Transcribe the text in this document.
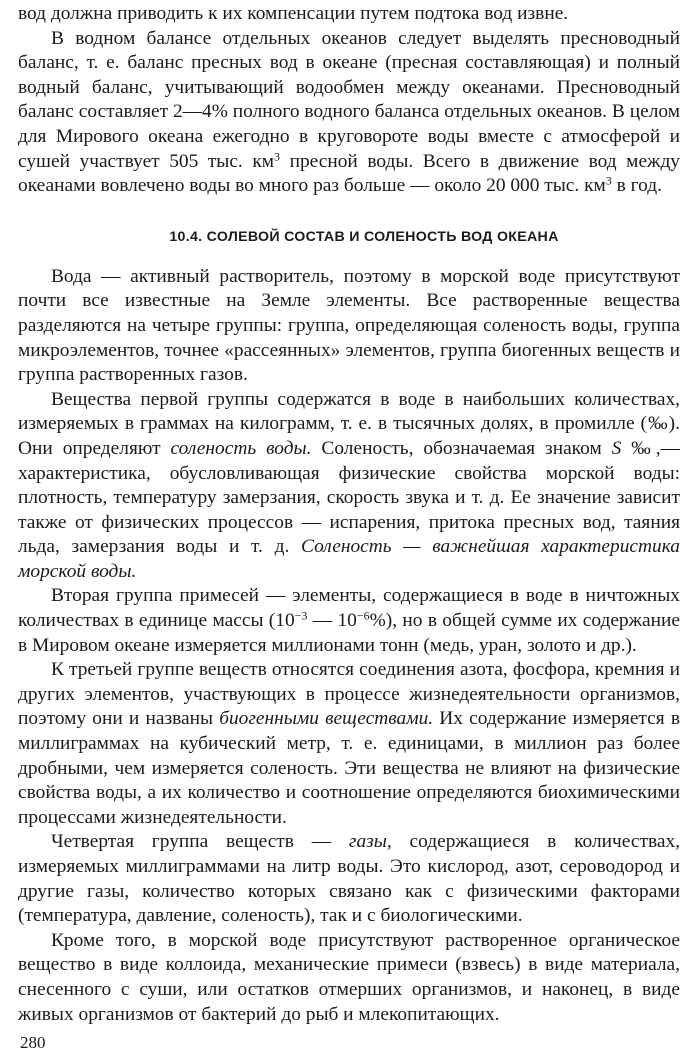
вод должна приводить к их компенсации путем подтока вод извне.

В водном балансе отдельных океанов следует выделять пресноводный баланс, т. е. баланс пресных вод в океане (пресная составляющая) и полный водный баланс, учитывающий водообмен между океанами. Пресноводный баланс составляет 2—4% полного водного баланса отдельных океанов. В целом для Мирового океана ежегодно в круговороте воды вместе с атмосферой и сушей участвует 505 тыс. $км^3$ пресной воды. Всего в движение вод между океанами вовлечено воды во много раз больше — около 20 000 тыс. $км^3$ в год.

10.4. СОЛЕВОЙ СОСТАВ И СОЛЕНОСТЬ ВОД ОКЕАНА

Вода — активный растворитель, поэтому в морской воде присутствуют почти все известные на Земле элементы. Все растворенные вещества разделяются на четыре группы: группа, определяющая соленость воды, группа микроэлементов, точнее «рассеянных» элементов, группа биогенных веществ и группа растворенных газов.

Вещества первой группы содержатся в воде в наибольших количествах, измеряемых в граммах на килограмм, т. е. в тысячных долях, в промилле (‰). Они определяют соленость воды. Соленость, обозначаемая знаком S ‰,— характеристика, обусловливающая физические свойства морской воды: плотность, температуру замерзания, скорость звука и т. д. Ее значение зависит также от физических процессов — испарения, притока пресных вод, таяния льда, замерзания воды и т. д. Соленость — важнейшая характеристика морской воды.

Вторая группа примесей — элементы, содержащиеся в воде в ничтожных количествах в единице массы ($10^{-3}$ — $10^{-6}\%$), но в общей сумме их содержание в Мировом океане измеряется миллионами тонн (медь, уран, золото и др.).

К третьей группе веществ относятся соединения азота, фосфора, кремния и других элементов, участвующих в процессе жизнедеятельности организмов, поэтому они и названы биогенными веществами. Их содержание измеряется в миллиграммах на кубический метр, т. е. единицами, в миллион раз более дробными, чем измеряется соленость. Эти вещества не влияют на физические свойства воды, а их количество и соотношение определяются биохимическими процессами жизнедеятельности.

Четвертая группа веществ — газы, содержащиеся в количествах, измеряемых миллиграммами на литр воды. Это кислород, азот, сероводород и другие газы, количество которых связано как с физическими факторами (температура, давление, соленость), так и с биологическими.

Кроме того, в морской воде присутствуют растворенное органическое вещество в виде коллоида, механические примеси (взвесь) в виде материала, снесенного с суши, или остатков отмерших организмов, и наконец, в виде живых организмов от бактерий до рыб и млекопитающих.

280
